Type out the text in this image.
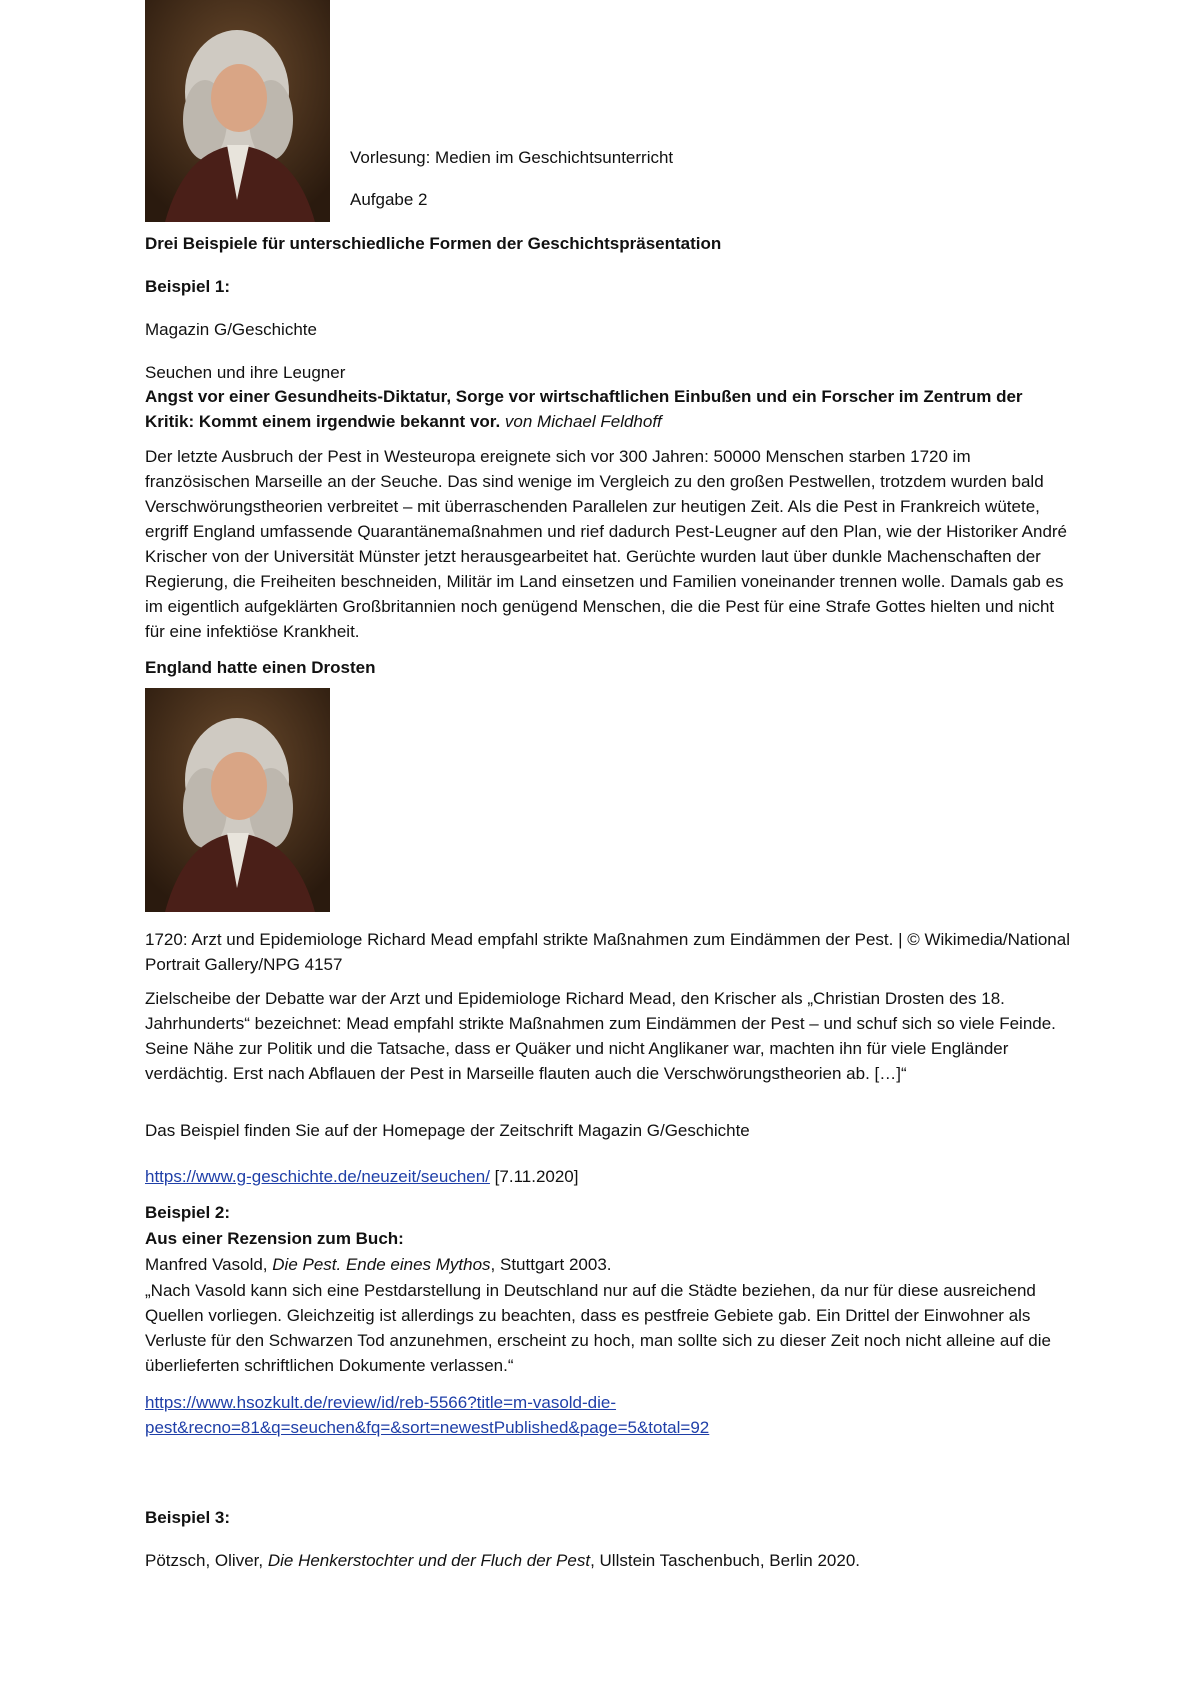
Vorlesung: Medien im Geschichtsunterricht
Aufgabe 2
Drei Beispiele für unterschiedliche Formen der Geschichtspräsentation
Beispiel 1:
Magazin G/Geschichte
Seuchen und ihre Leugner
Angst vor einer Gesundheits-Diktatur, Sorge vor wirtschaftlichen Einbußen und ein Forscher im Zentrum der Kritik: Kommt einem irgendwie bekannt vor. von Michael Feldhoff
Der letzte Ausbruch der Pest in Westeuropa ereignete sich vor 300 Jahren: 50000 Menschen starben 1720 im französischen Marseille an der Seuche. Das sind wenige im Vergleich zu den großen Pestwellen, trotzdem wurden bald Verschwörungstheorien verbreitet – mit überraschenden Parallelen zur heutigen Zeit. Als die Pest in Frankreich wütete, ergriff England umfassende Quarantänemaßnahmen und rief dadurch Pest-Leugner auf den Plan, wie der Historiker André Krischer von der Universität Münster jetzt herausgearbeitet hat. Gerüchte wurden laut über dunkle Machenschaften der Regierung, die Freiheiten beschneiden, Militär im Land einsetzen und Familien voneinander trennen wolle. Damals gab es im eigentlich aufgeklärten Großbritannien noch genügend Menschen, die die Pest für eine Strafe Gottes hielten und nicht für eine infektiöse Krankheit.
England hatte einen Drosten
1720: Arzt und Epidemiologe Richard Mead empfahl strikte Maßnahmen zum Eindämmen der Pest. | © Wikimedia/National Portrait Gallery/NPG 4157
Zielscheibe der Debatte war der Arzt und Epidemiologe Richard Mead, den Krischer als „Christian Drosten des 18. Jahrhunderts“ bezeichnet: Mead empfahl strikte Maßnahmen zum Eindämmen der Pest – und schuf sich so viele Feinde. Seine Nähe zur Politik und die Tatsache, dass er Quäker und nicht Anglikaner war, machten ihn für viele Engländer verdächtig. Erst nach Abflauen der Pest in Marseille flauten auch die Verschwörungstheorien ab. […]“
Das Beispiel finden Sie auf der Homepage der Zeitschrift Magazin G/Geschichte
https://www.g-geschichte.de/neuzeit/seuchen/ [7.11.2020]
Beispiel 2:
Aus einer Rezension zum Buch:
Manfred Vasold, Die Pest. Ende eines Mythos, Stuttgart 2003.
„Nach Vasold kann sich eine Pestdarstellung in Deutschland nur auf die Städte beziehen, da nur für diese ausreichend Quellen vorliegen. Gleichzeitig ist allerdings zu beachten, dass es pestfreie Gebiete gab. Ein Drittel der Einwohner als Verluste für den Schwarzen Tod anzunehmen, erscheint zu hoch, man sollte sich zu dieser Zeit noch nicht alleine auf die überlieferten schriftlichen Dokumente verlassen.“
https://www.hsozkult.de/review/id/reb-5566?title=m-vasold-die-
pest&recno=81&q=seuchen&fq=&sort=newestPublished&page=5&total=92
Beispiel 3:
Pötzsch, Oliver, Die Henkerstochter und der Fluch der Pest, Ullstein Taschenbuch, Berlin 2020.
